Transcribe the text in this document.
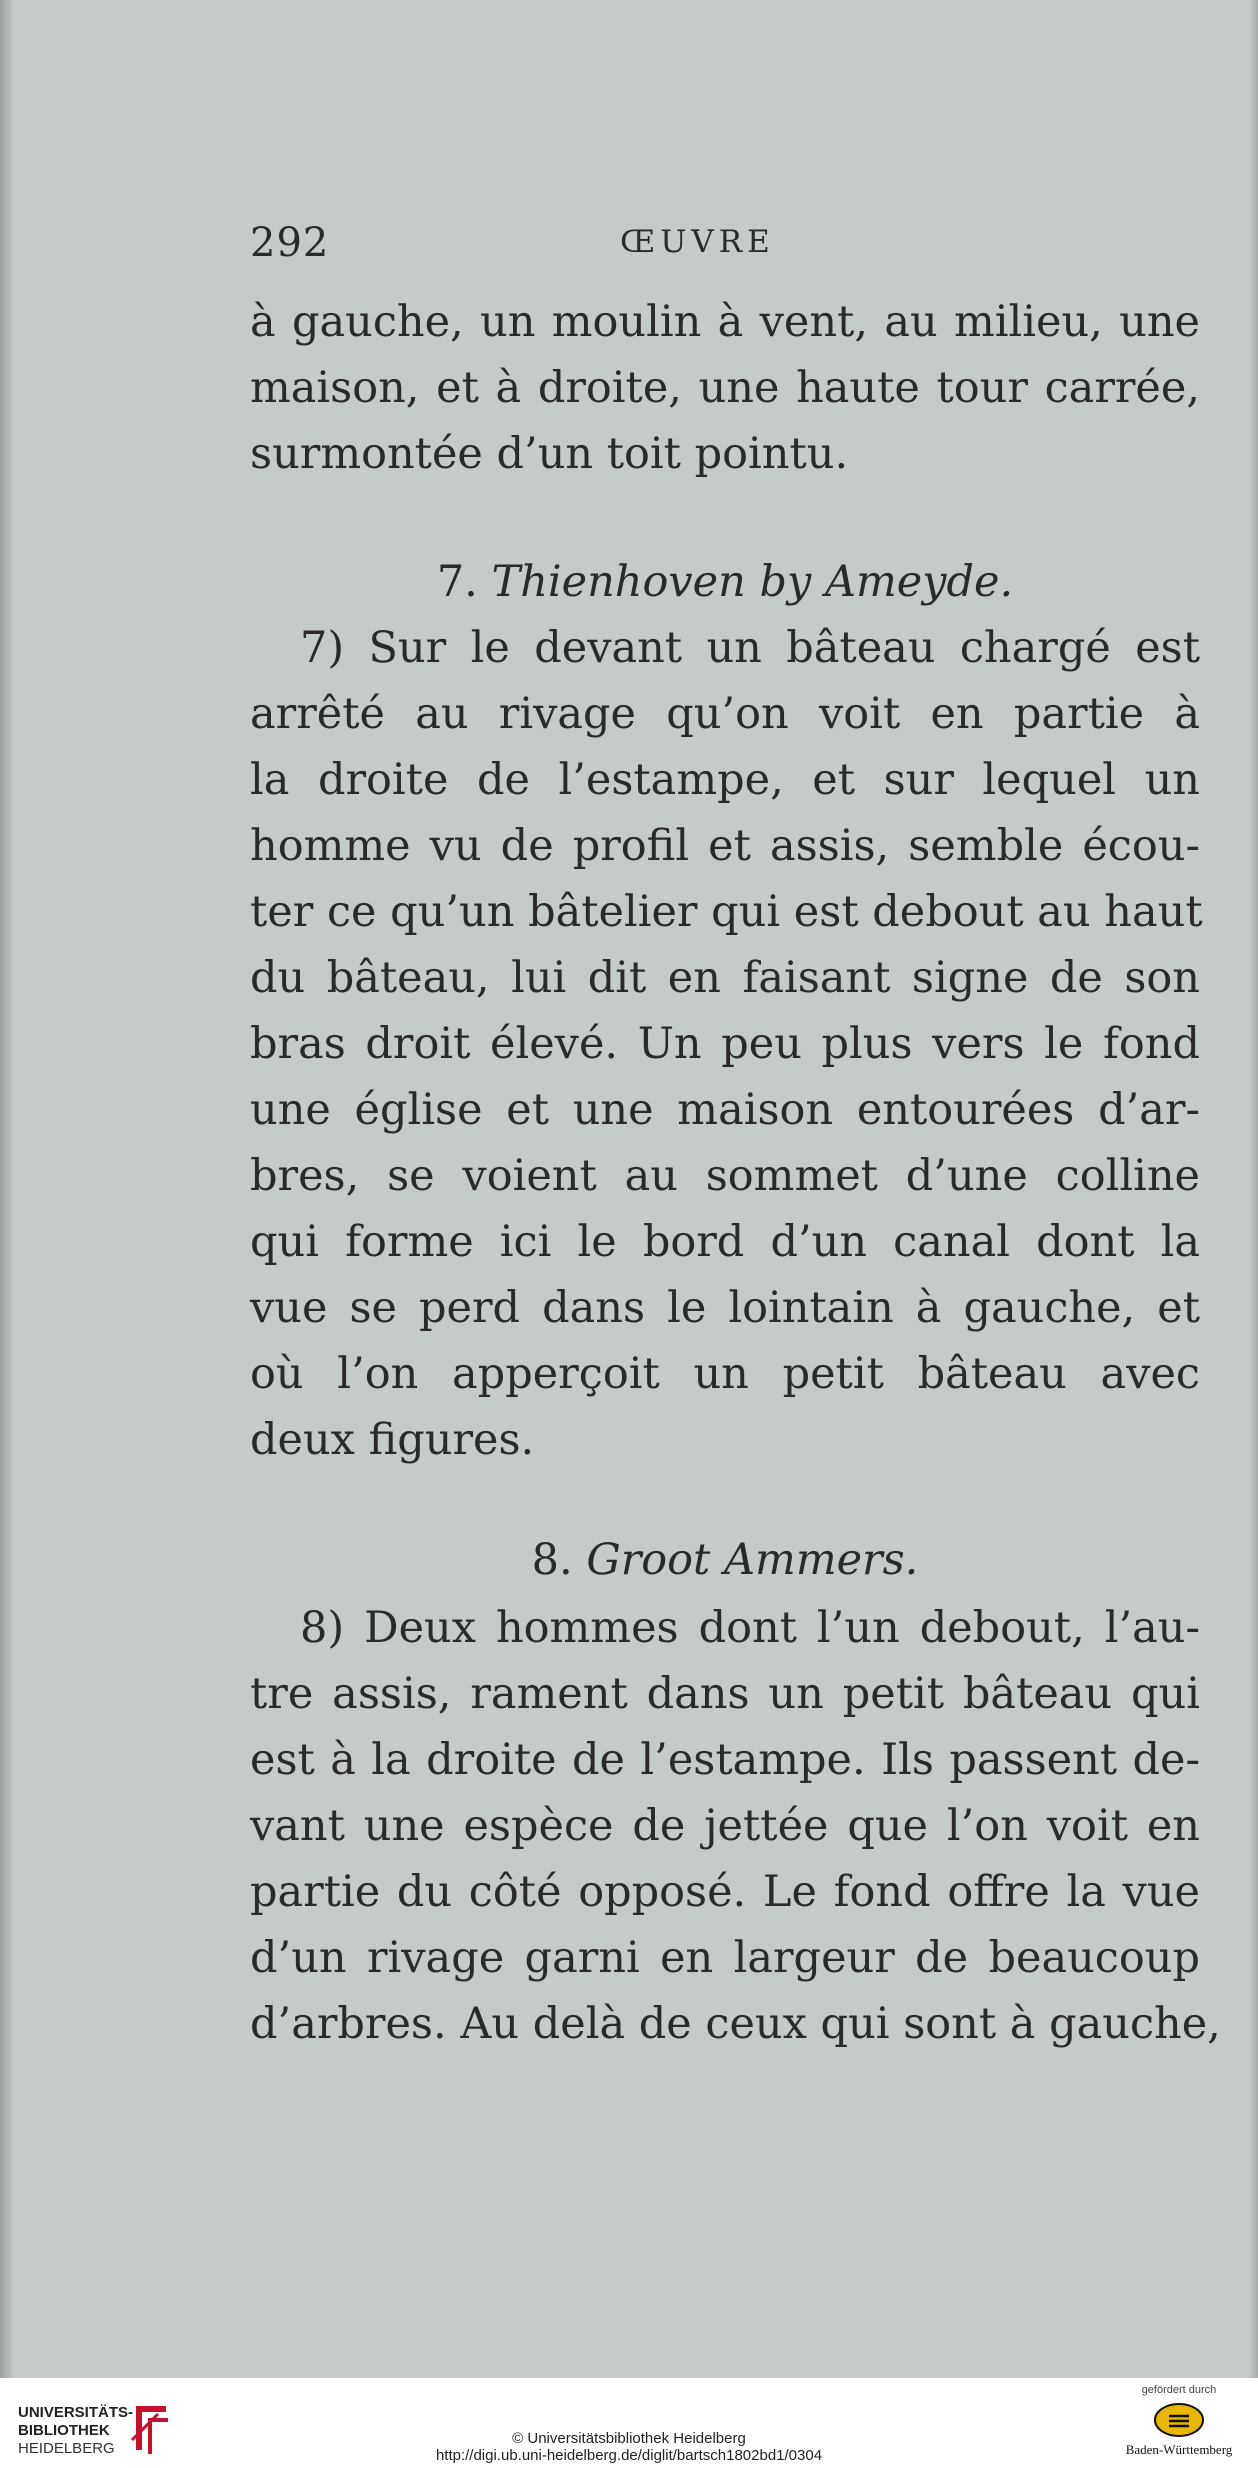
292	ŒUVRE
à gauche, un moulin à vent, au milieu, une
maison, et à droite, une haute tour carrée,
surmontée d’un toit pointu.
7. Thienhoven by Ameyde.
7) Sur le devant un bâteau chargé est
arrêté au rivage qu’on voit en partie à
la droite de l’estampe, et sur lequel un
homme vu de profil et assis, semble écou-
ter ce qu’un bâtelier qui est debout au haut
du bâteau, lui dit en faisant signe de son
bras droit élevé. Un peu plus vers le fond
une église et une maison entourées d’ar-
bres, se voient au sommet d’une colline
qui forme ici le bord d’un canal dont la
vue se perd dans le lointain à gauche, et
où l’on apperçoit un petit bâteau avec
deux figures.
8. Groot Ammers.
8) Deux hommes dont l’un debout, l’au-
tre assis, rament dans un petit bâteau qui
est à la droite de l’estampe. Ils passent de-
vant une espèce de jettée que l’on voit en
partie du côté opposé. Le fond offre la vue
d’un rivage garni en largeur de beaucoup
d’arbres. Au delà de ceux qui sont à gauche,
UNIVERSITÄTS-
BIBLIOTHEK
HEIDELBERG
© Universitätsbibliothek Heidelberg
http://digi.ub.uni-heidelberg.de/diglit/bartsch1802bd1/0304
gefördert durch
Baden-Württemberg
